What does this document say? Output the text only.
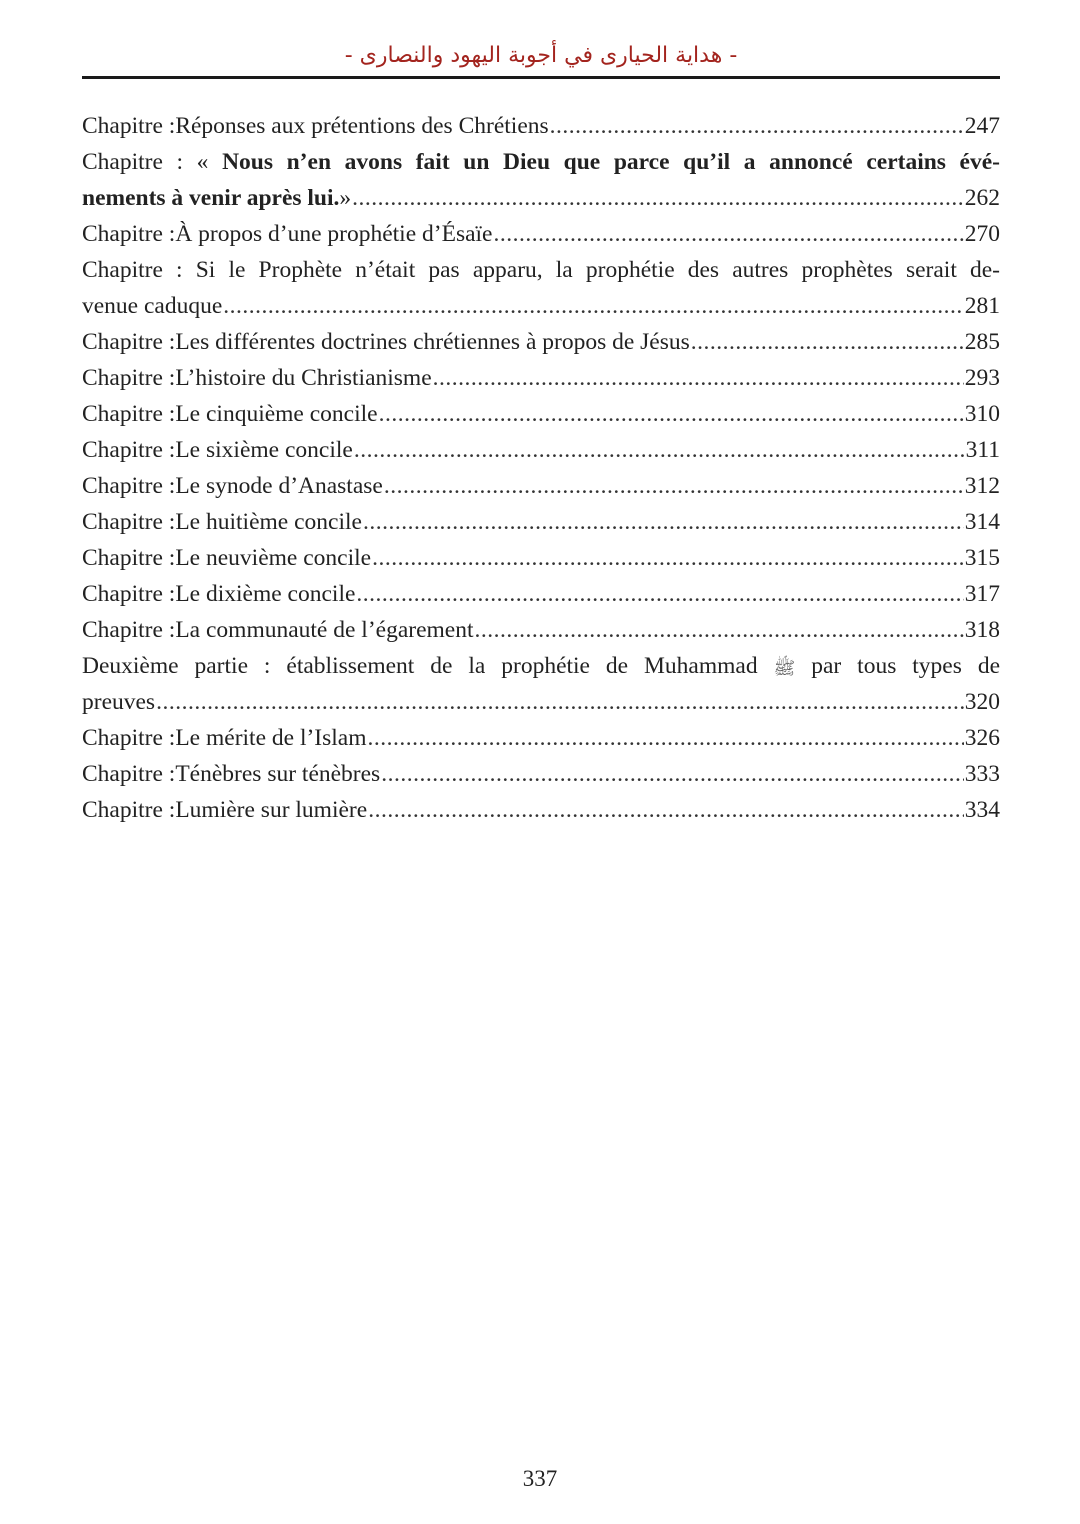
- هداية الحيارى في أجوبة اليهود والنصارى -
Chapitre : Réponses aux prétentions des Chrétiens .....	247
Chapitre : « Nous n’en avons fait un Dieu que parce qu’il a annoncé certains évé-
nements à venir après lui. » .....	262
Chapitre : À propos d’une prophétie d’Ésaïe .....	270
Chapitre : Si le Prophète n’était pas apparu, la prophétie des autres prophètes serait de-
venue caduque .....	281
Chapitre : Les différentes doctrines chrétiennes à propos de Jésus .....	285
Chapitre : L’histoire du Christianisme .....	293
Chapitre : Le cinquième concile .....	310
Chapitre : Le sixième concile .....	311
Chapitre : Le synode d’Anastase .....	312
Chapitre : Le huitième concile .....	314
Chapitre : Le neuvième concile .....	315
Chapitre : Le dixième concile .....	317
Chapitre : La communauté de l’égarement .....	318
Deuxième partie : établissement de la prophétie de Muhammad ﷺ par tous types de
preuves .....	320
Chapitre : Le mérite de l’Islam .....	326
Chapitre : Ténèbres sur ténèbres .....	333
Chapitre : Lumière sur lumière .....	334
337
